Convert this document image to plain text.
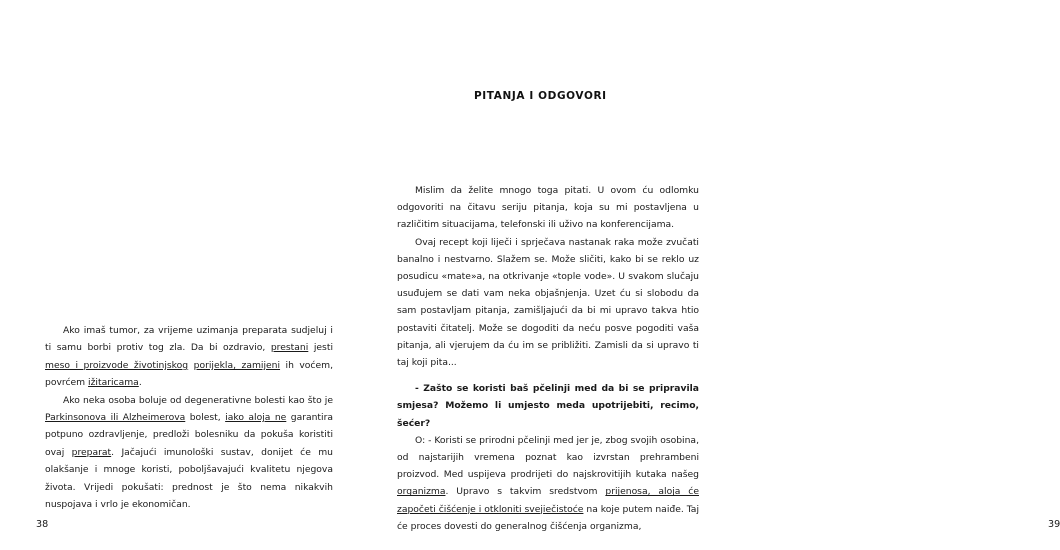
Ako imaš tumor, za vrijeme uzimanja preparata sudjeluj i ti samu borbi protiv tog zla. Da bi ozdravio, prestani jesti meso i proizvode životinjskog porijekla, zamijeni ih voćem, povrćem ižitaricama.

Ako neka osoba boluje od degenerativne bolesti kao što je Parkinsonova ili Alzheimerova bolest, iako aloja ne garantira potpuno ozdravljenje, predloži bolesniku da pokuša koristiti ovaj preparat. Jačajući imunološki sustav, donijet će mu olakšanje i mnoge koristi, poboljšavajući kvalitetu njegova života. Vrijedi pokušati: prednost je što nema nikakvih nuspojava i vrlo je ekonomičan.

38	39
PITANJA I ODGOVORI

Mislim da želite mnogo toga pitati. U ovom ću odlomku odgovoriti na čitavu seriju pitanja, koja su mi postavljena u različitim situacijama, telefonski ili uživo na konferencijama.

Ovaj recept koji liječi i sprječava nastanak raka može zvučati banalno i nestvarno. Slažem se. Može sličiti, kako bi se reklo uz posudicu «mate»a, na otkrivanje «tople vode». U svakom slučaju usuđujem se dati vam neka objašnjenja. Uzet ću si slobodu da sam postavljam pitanja, zamišljajući da bi mi upravo takva htio postaviti čitatelj. Može se dogoditi da neću posve pogoditi vaša pitanja, ali vjerujem da ću im se približiti. Zamisli da si upravo ti taj koji pita...

- Zašto se koristi baš pčelinji med da bi se pripravila smjesa? Možemo li umjesto meda upotrijebiti, recimo, šećer?

O: - Koristi se prirodni pčelinji med jer je, zbog svojih osobina, od najstarijih vremena poznat kao izvrstan prehrambeni proizvod. Med uspijeva prodrijeti do najskrovitijih kutaka našeg organizma. Upravo s takvim sredstvom prijenosa, aloja će započeti čišćenje i otkloniti svejiečistoće na koje putem naiđe. Taj će proces dovesti do generalnog čišćenja organizma,
